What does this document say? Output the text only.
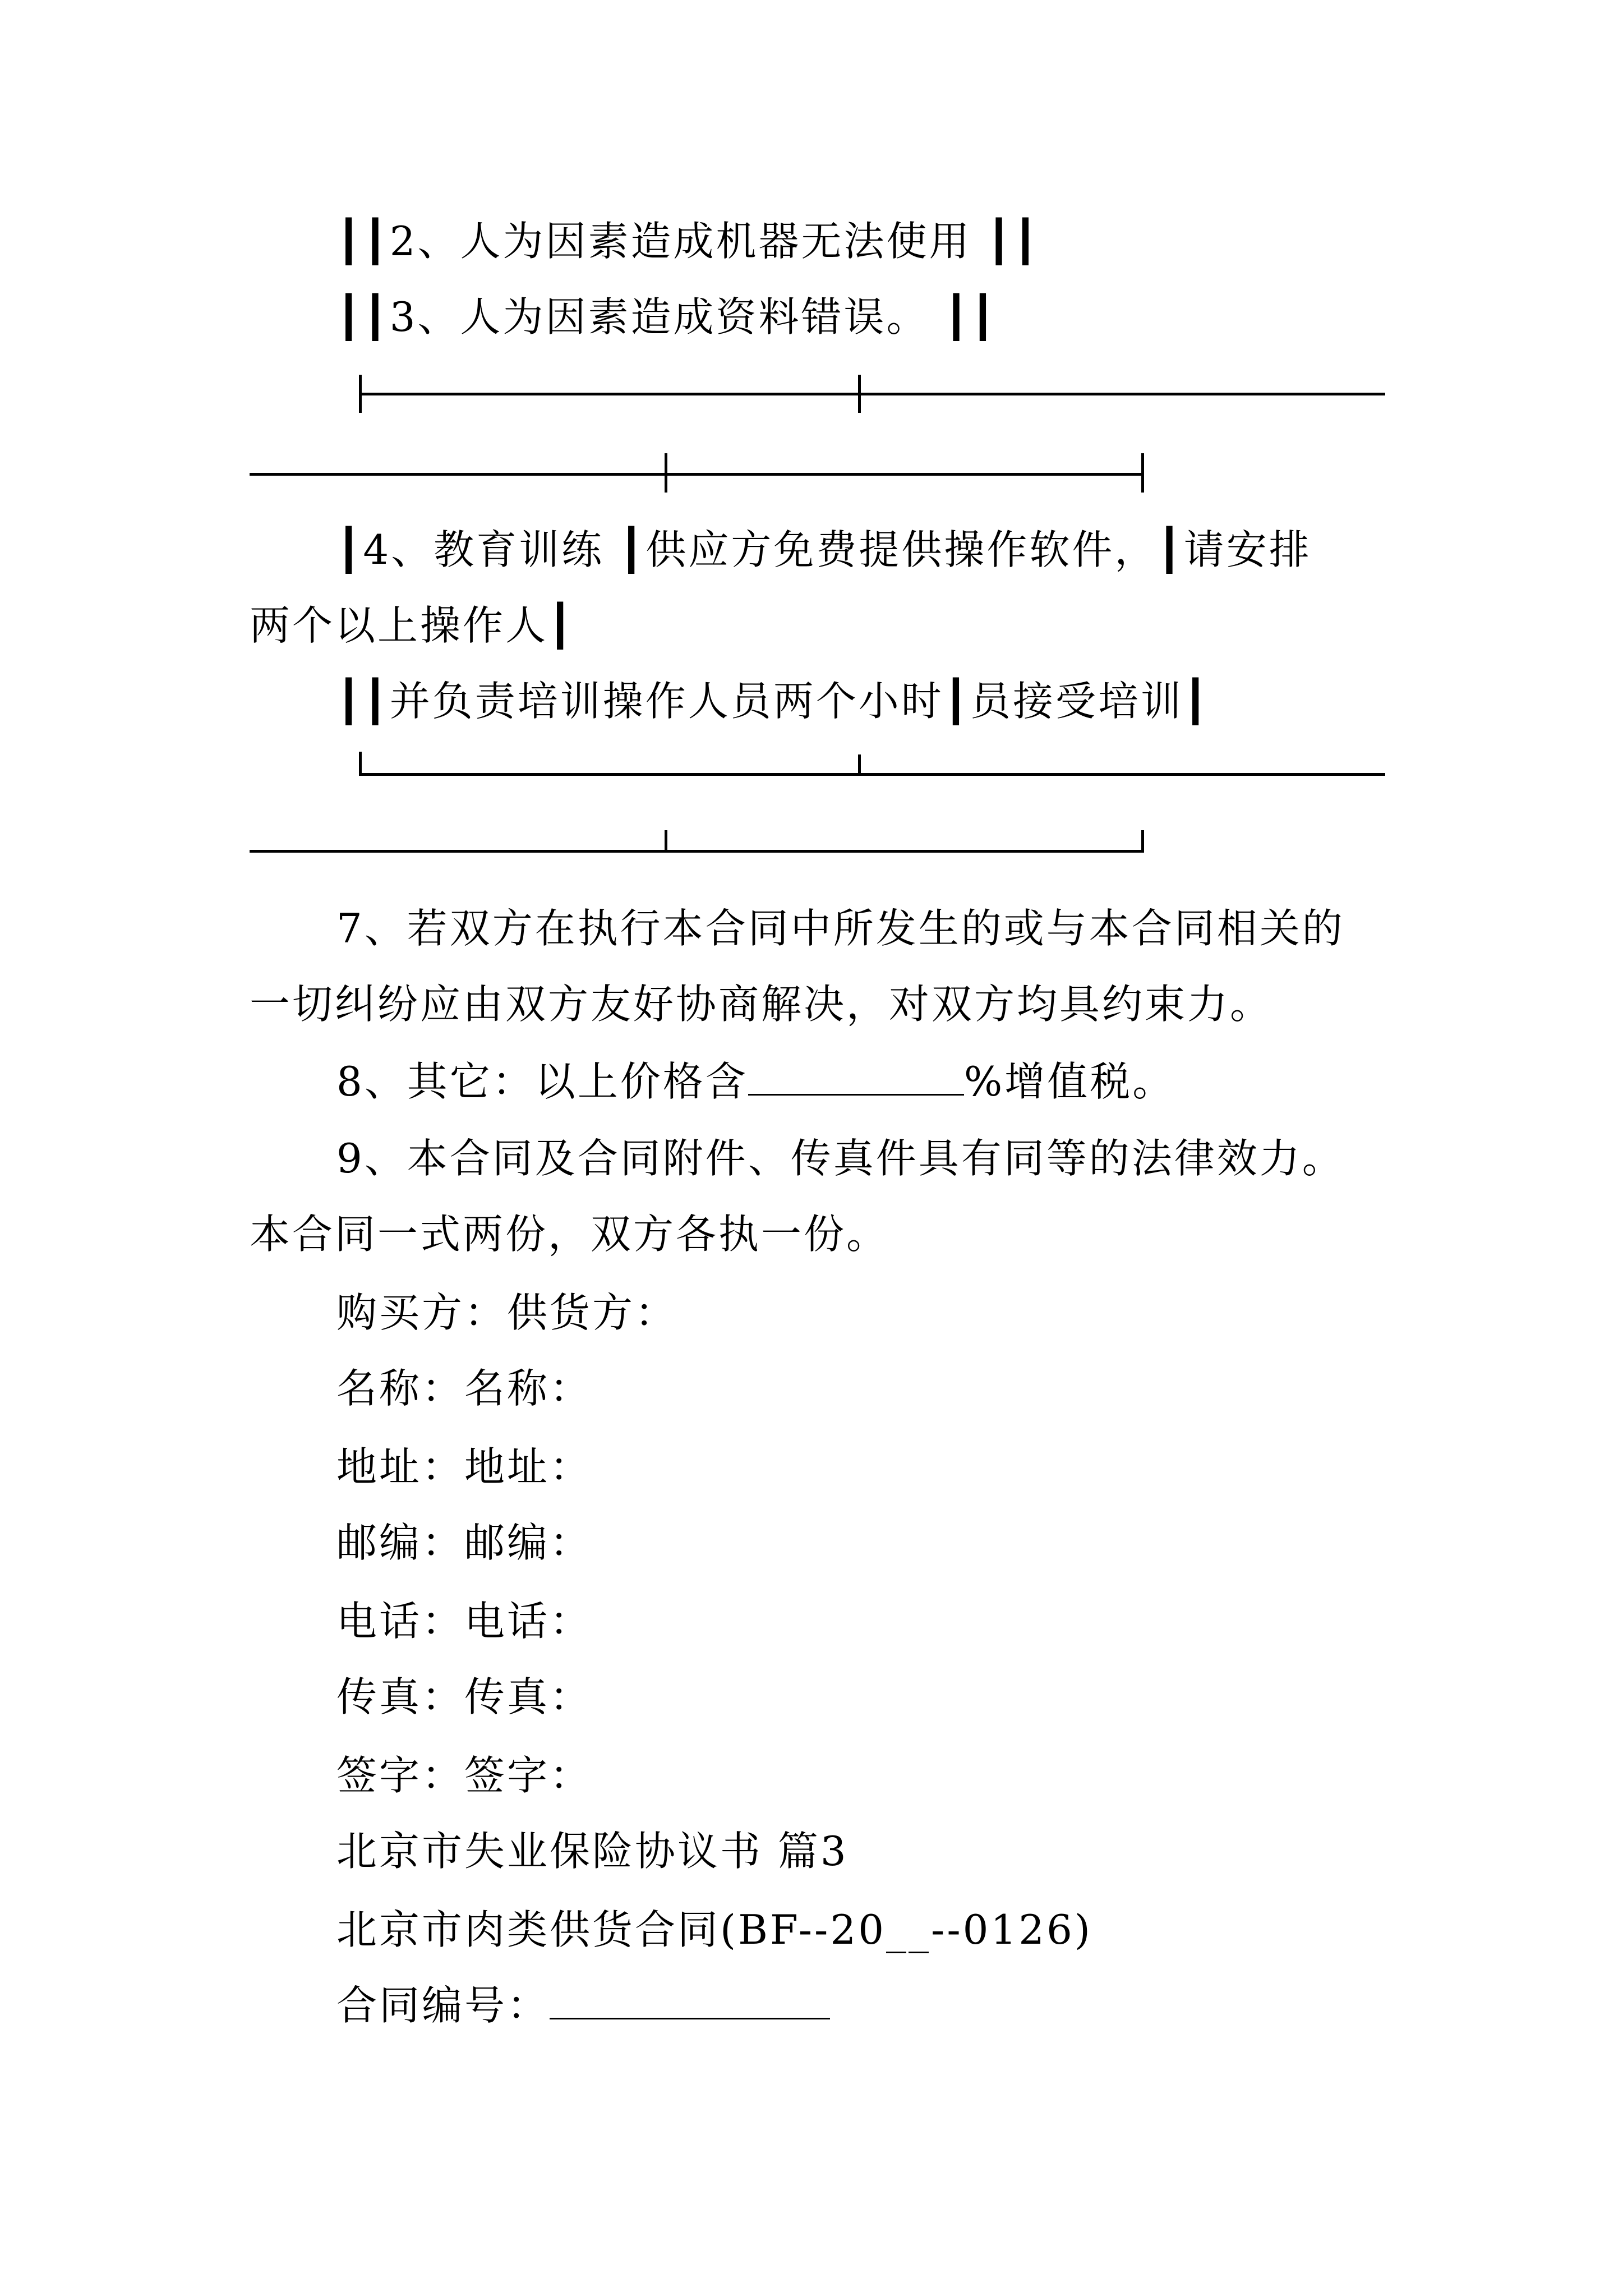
┃┃2、人为因素造成机器无法使用 ┃┃
┃┃3、人为因素造成资料错误。 ┃┃
┃4、教育训练 ┃供应方免费提供操作软件，┃请安排
两个以上操作人┃
┃┃并负责培训操作人员两个小时┃员接受培训┃
7、若双方在执行本合同中所发生的或与本合同相关的
一切纠纷应由双方友好协商解决，对双方均具约束力。
8、其它：以上价格含	%增值税。
9、本合同及合同附件、传真件具有同等的法律效力。
本合同一式两份，双方各执一份。
购买方：供货方：
名称：名称：
地址：地址：
邮编：邮编：
电话：电话：
传真：传真：
签字：签字：
北京市失业保险协议书 篇3
北京市肉类供货合同(BF--20__--0126)
合同编号：
